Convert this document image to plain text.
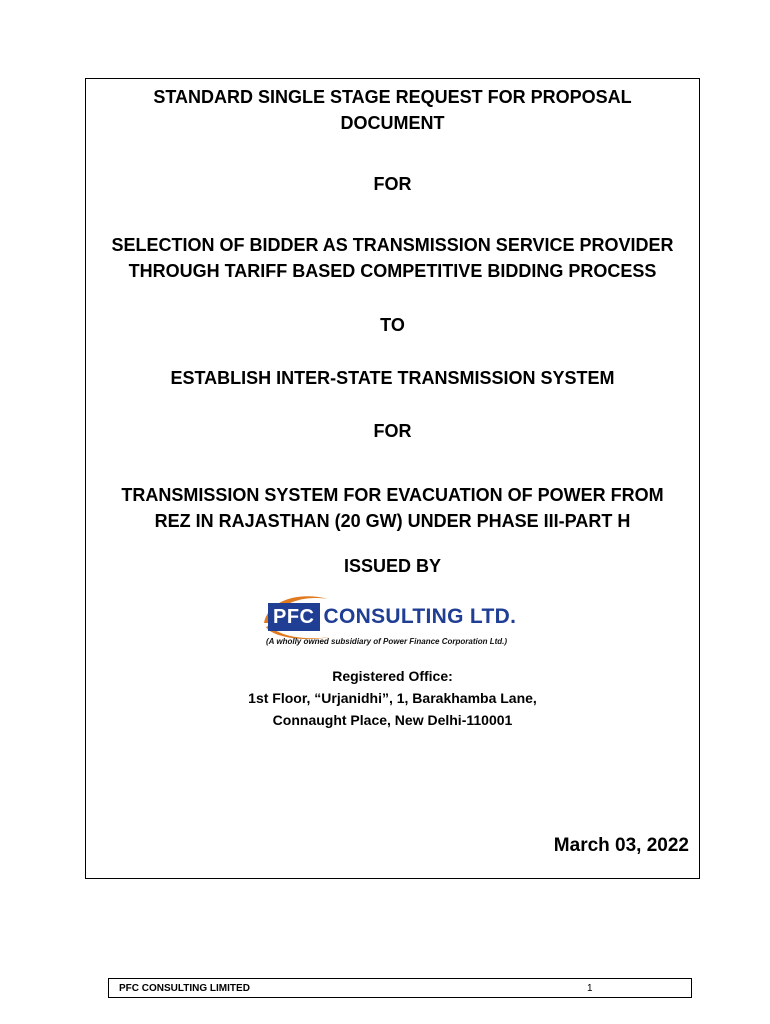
STANDARD SINGLE STAGE REQUEST FOR PROPOSAL
DOCUMENT
FOR
SELECTION OF BIDDER AS TRANSMISSION SERVICE PROVIDER
THROUGH TARIFF BASED COMPETITIVE BIDDING PROCESS
TO
ESTABLISH INTER-STATE TRANSMISSION SYSTEM
FOR
TRANSMISSION SYSTEM FOR EVACUATION OF POWER FROM
REZ IN RAJASTHAN (20 GW) UNDER PHASE III-PART H
ISSUED BY
PFC CONSULTING LTD.
(A wholly owned subsidiary of Power Finance Corporation Ltd.)
Registered Office:
1st Floor, “Urjanidhi”, 1, Barakhamba Lane,
Connaught Place, New Delhi-110001
March 03, 2022
PFC CONSULTING LIMITED	1
